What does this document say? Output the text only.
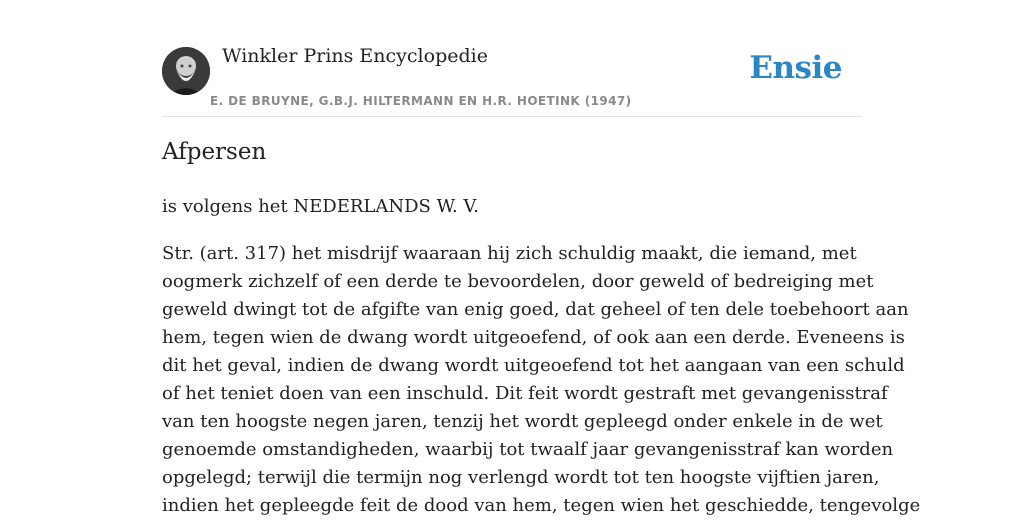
Winkler Prins Encyclopedie
E. DE BRUYNE, G.B.J. HILTERMANN EN H.R. HOETINK (1947)
Ensie
Afpersen

is volgens het NEDERLANDS W. V.

Str. (art. 317) het misdrijf waaraan hij zich schuldig maakt, die iemand, met
oogmerk zichzelf of een derde te bevoordelen, door geweld of bedreiging met
geweld dwingt tot de afgifte van enig goed, dat geheel of ten dele toebehoort aan
hem, tegen wien de dwang wordt uitgeoefend, of ook aan een derde. Eveneens is
dit het geval, indien de dwang wordt uitgeoefend tot het aangaan van een schuld
of het teniet doen van een inschuld. Dit feit wordt gestraft met gevangenisstraf
van ten hoogste negen jaren, tenzij het wordt gepleegd onder enkele in de wet
genoemde omstandigheden, waarbij tot twaalf jaar gevangenisstraf kan worden
opgelegd; terwijl die termijn nog verlengd wordt tot ten hoogste vijftien jaren,
indien het gepleegde feit de dood van hem, tegen wien het geschiedde, tengevolge
